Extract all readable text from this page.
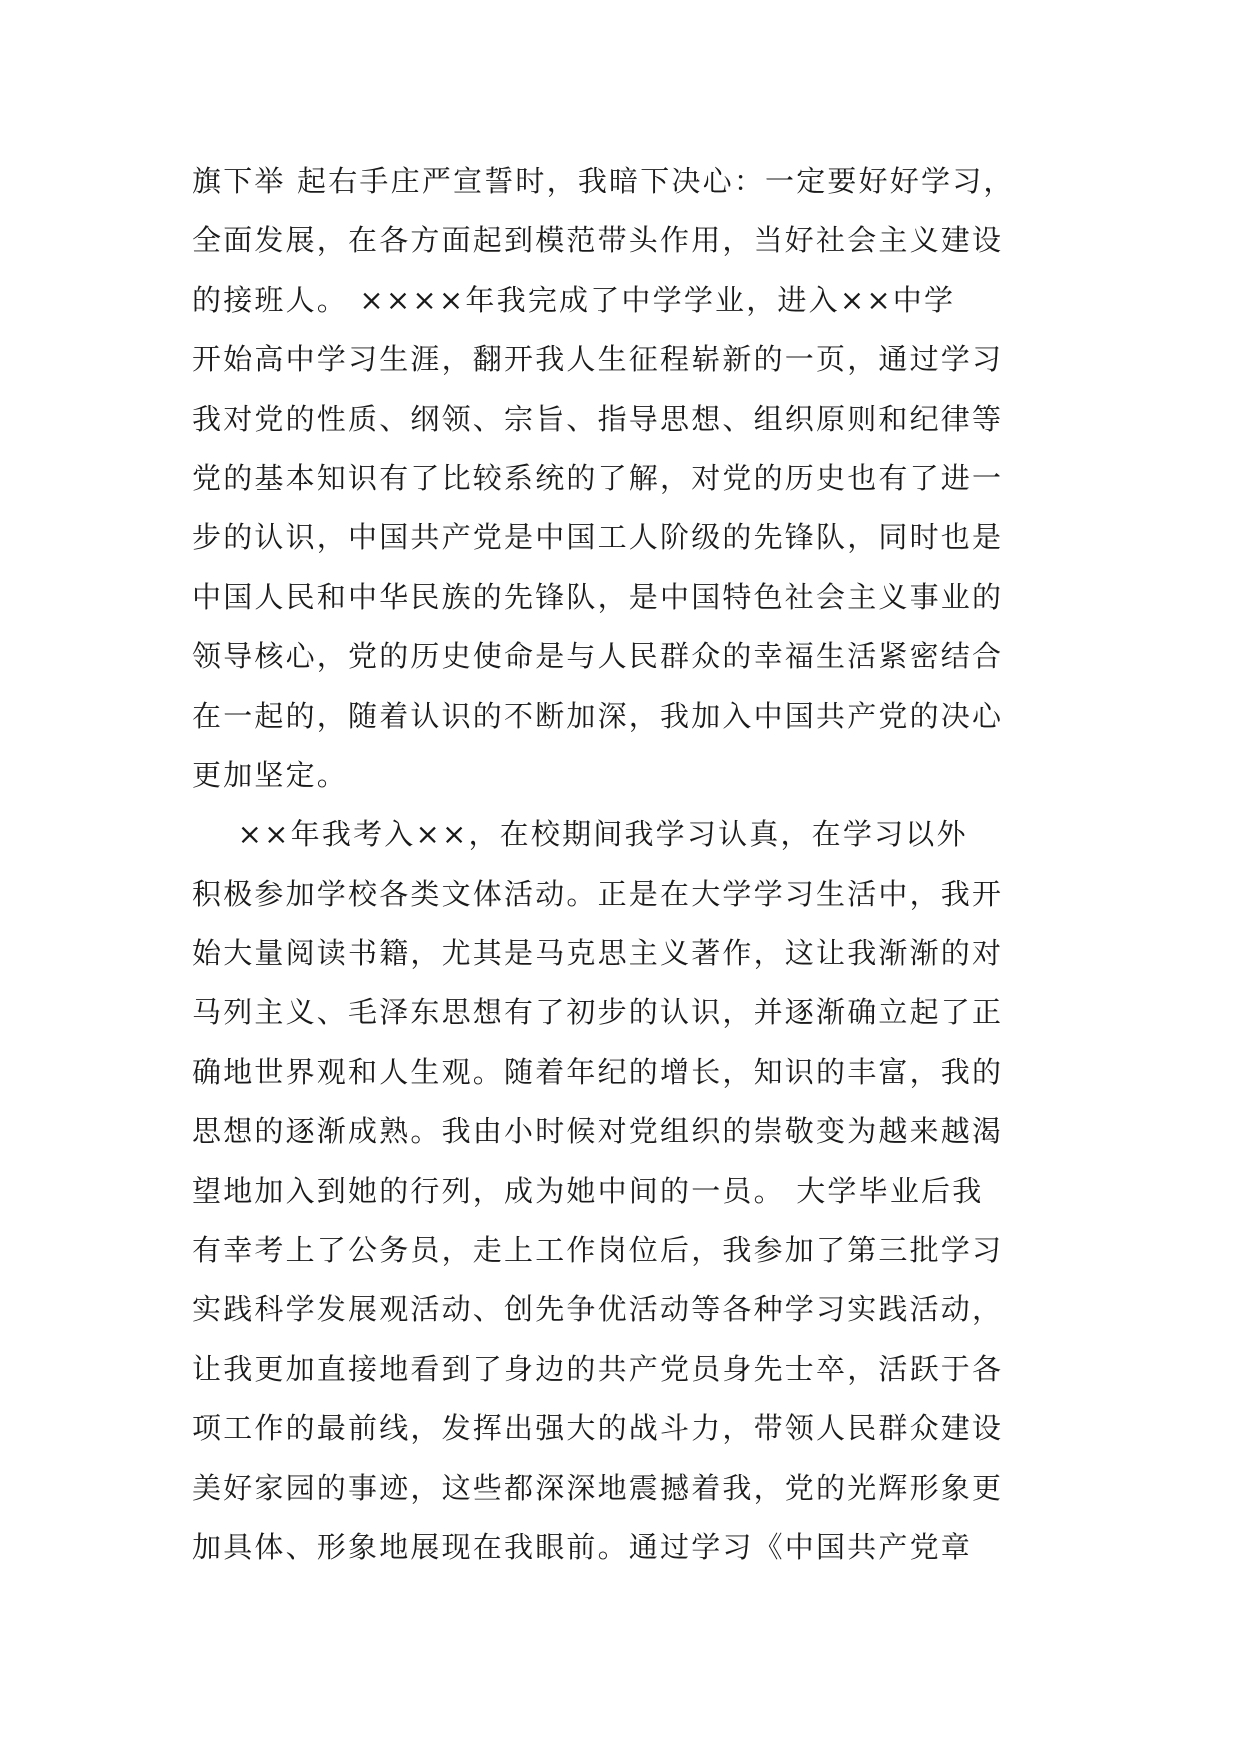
旗下举 起右手庄严宣誓时，我暗下决心：一定要好好学习，
全面发展，在各方面起到模范带头作用，当好社会主义建设
的接班人。 ××××年我完成了中学学业，进入××中学
开始高中学习生涯，翻开我人生征程崭新的一页，通过学习
我对党的性质、纲领、宗旨、指导思想、组织原则和纪律等
党的基本知识有了比较系统的了解，对党的历史也有了进一
步的认识，中国共产党是中国工人阶级的先锋队，同时也是
中国人民和中华民族的先锋队，是中国特色社会主义事业的
领导核心，党的历史使命是与人民群众的幸福生活紧密结合
在一起的，随着认识的不断加深，我加入中国共产党的决心
更加坚定。

××年我考入××，在校期间我学习认真，在学习以外
积极参加学校各类文体活动。正是在大学学习生活中，我开
始大量阅读书籍，尤其是马克思主义著作，这让我渐渐的对
马列主义、毛泽东思想有了初步的认识，并逐渐确立起了正
确地世界观和人生观。随着年纪的增长，知识的丰富，我的
思想的逐渐成熟。我由小时候对党组织的崇敬变为越来越渴
望地加入到她的行列，成为她中间的一员。 大学毕业后我
有幸考上了公务员，走上工作岗位后，我参加了第三批学习
实践科学发展观活动、创先争优活动等各种学习实践活动，
让我更加直接地看到了身边的共产党员身先士卒，活跃于各
项工作的最前线，发挥出强大的战斗力，带领人民群众建设
美好家园的事迹，这些都深深地震撼着我，党的光辉形象更
加具体、形象地展现在我眼前。通过学习《中国共产党章
